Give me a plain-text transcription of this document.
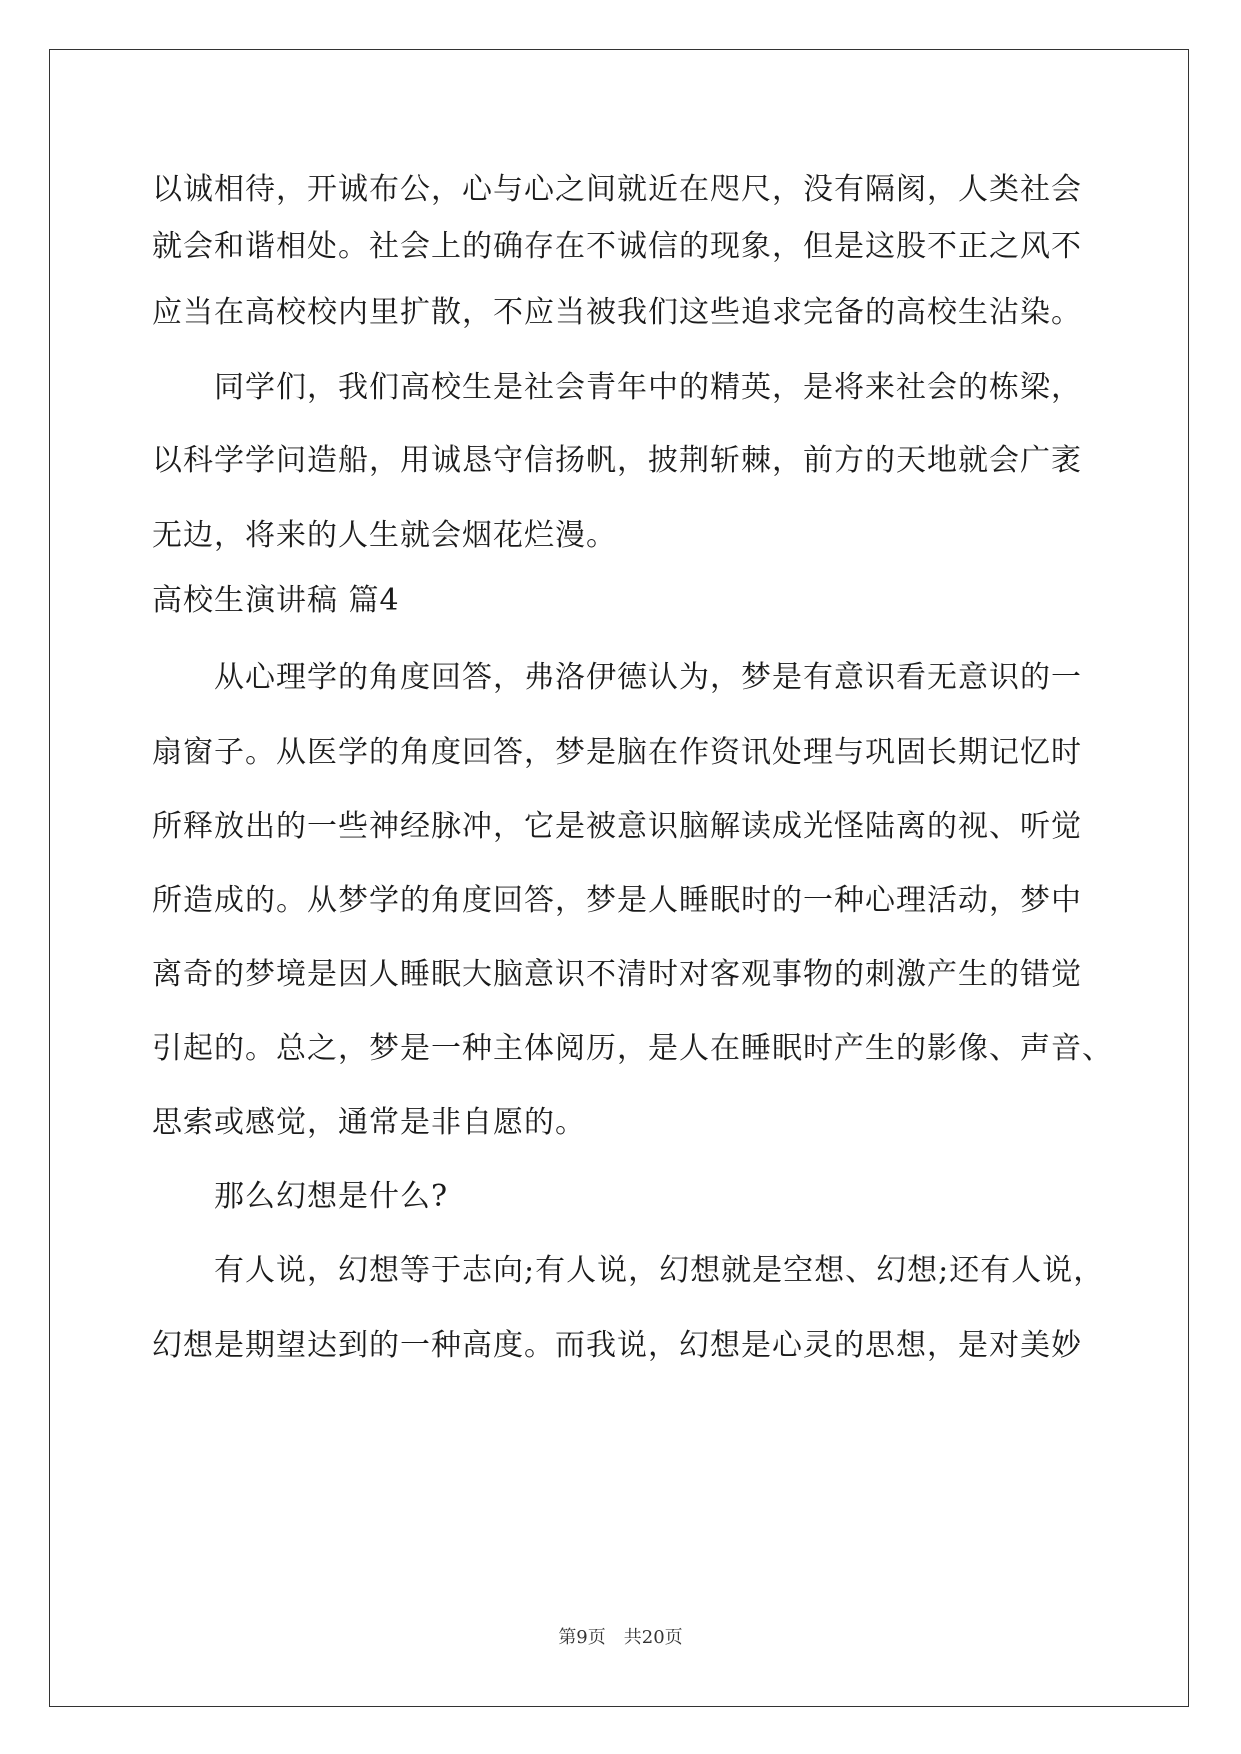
以诚相待，开诚布公，心与心之间就近在咫尺，没有隔阂，人类社会
就会和谐相处。社会上的确存在不诚信的现象，但是这股不正之风不
应当在高校校内里扩散，不应当被我们这些追求完备的高校生沾染。
同学们，我们高校生是社会青年中的精英，是将来社会的栋梁，
以科学学问造船，用诚恳守信扬帆，披荆斩棘，前方的天地就会广袤
无边，将来的人生就会烟花烂漫。
高校生演讲稿 篇4
从心理学的角度回答，弗洛伊德认为，梦是有意识看无意识的一
扇窗子。从医学的角度回答，梦是脑在作资讯处理与巩固长期记忆时
所释放出的一些神经脉冲，它是被意识脑解读成光怪陆离的视、听觉
所造成的。从梦学的角度回答，梦是人睡眠时的一种心理活动，梦中
离奇的梦境是因人睡眠大脑意识不清时对客观事物的刺激产生的错觉
引起的。总之，梦是一种主体阅历，是人在睡眠时产生的影像、声音、
思索或感觉，通常是非自愿的。
那么幻想是什么?
有人说，幻想等于志向;有人说，幻想就是空想、幻想;还有人说，
幻想是期望达到的一种高度。而我说，幻想是心灵的思想，是对美妙
第9页　共20页
